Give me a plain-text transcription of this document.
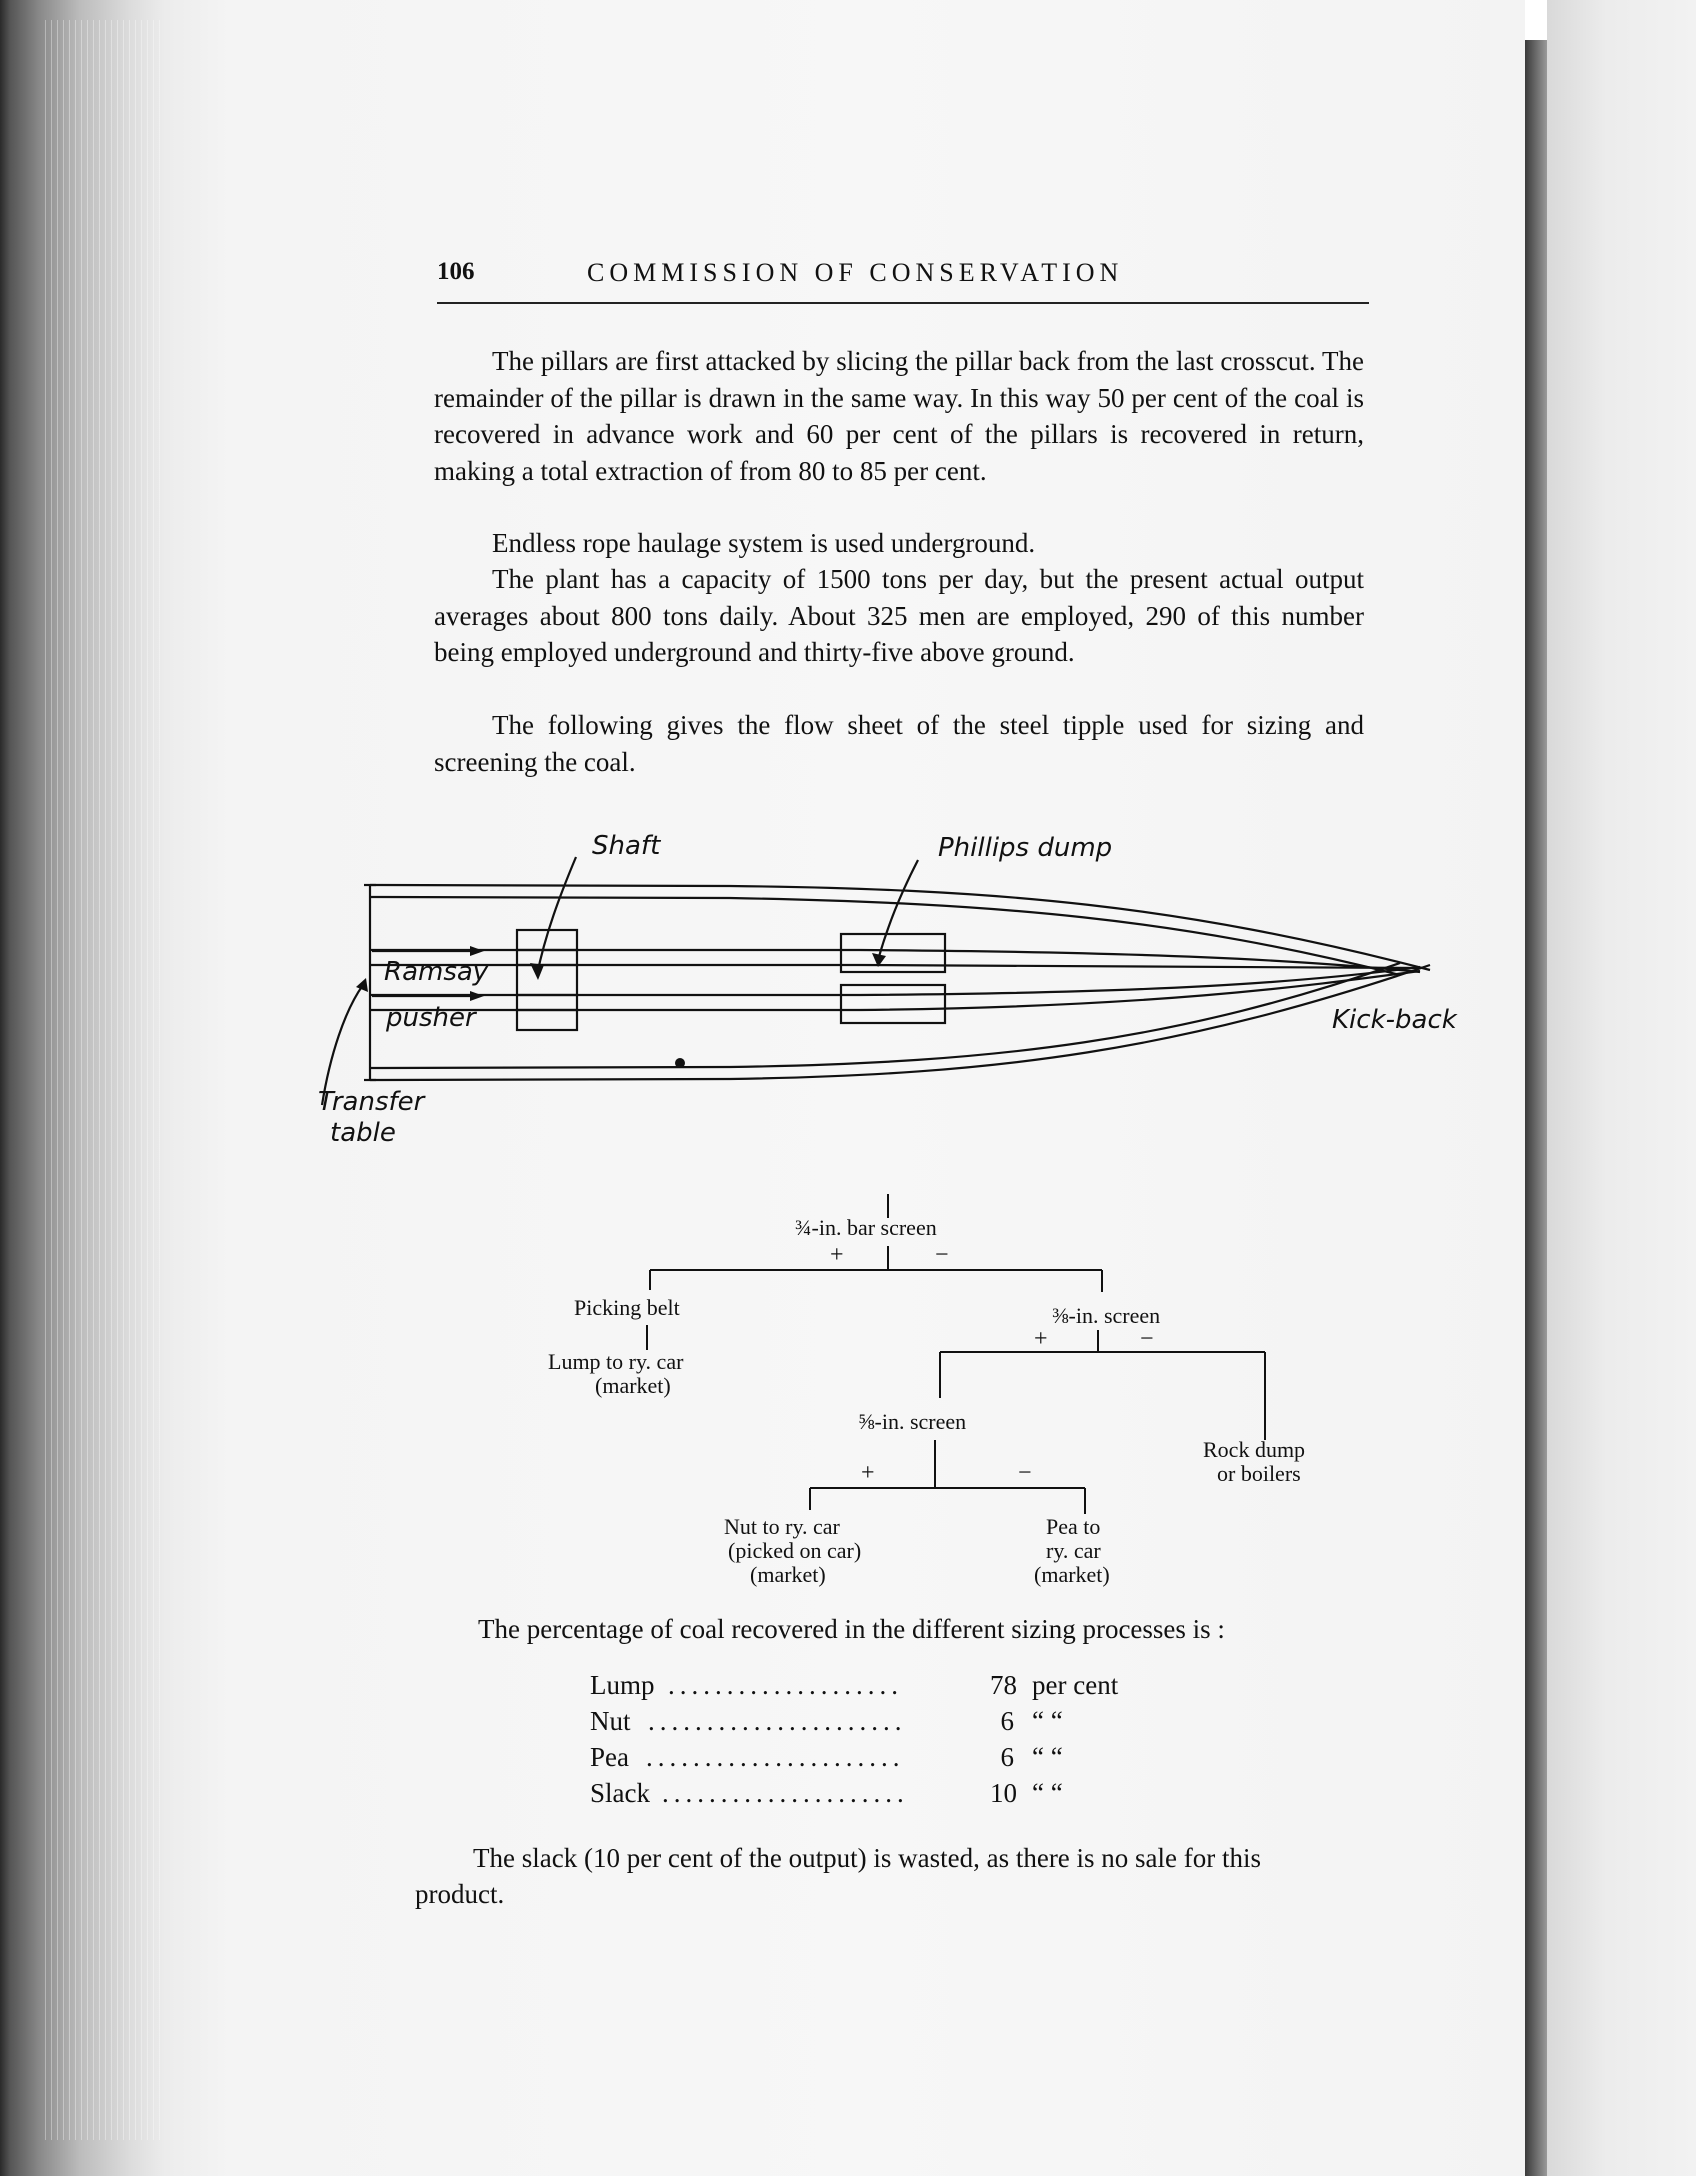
106	COMMISSION OF CONSERVATION

The pillars are first attacked by slicing the pillar back from the last crosscut. The remainder of the pillar is drawn in the same way. In this way 50 per cent of the coal is recovered in advance work and 60 per cent of the pillars is recovered in return, making a total extraction of from 80 to 85 per cent.

Endless rope haulage system is used underground.

The plant has a capacity of 1500 tons per day, but the present actual output averages about 800 tons daily. About 325 men are employed, 290 of this number being employed underground and thirty-five above ground.

The following gives the flow sheet of the steel tipple used for sizing and screening the coal.

Shaft	Phillips dump
Ramsay
pusher	Kick-back
Transfer
table
¾-in. bar screen
+	−
Picking belt
Lump to ry. car
(market)
⅜-in. screen
+	−
⅝-in. screen
+	−
Rock dump
or boilers
Nut to ry. car
(picked on car)
(market)
Pea to
ry. car
(market)
The percentage of coal recovered in the different sizing processes is :
Lump ....................	78 per cent
Nut ......................	6 “ “
Pea ......................	6 “ “
Slack .....................	10 “ “

The slack (10 per cent of the output) is wasted, as there is no sale for this product.
